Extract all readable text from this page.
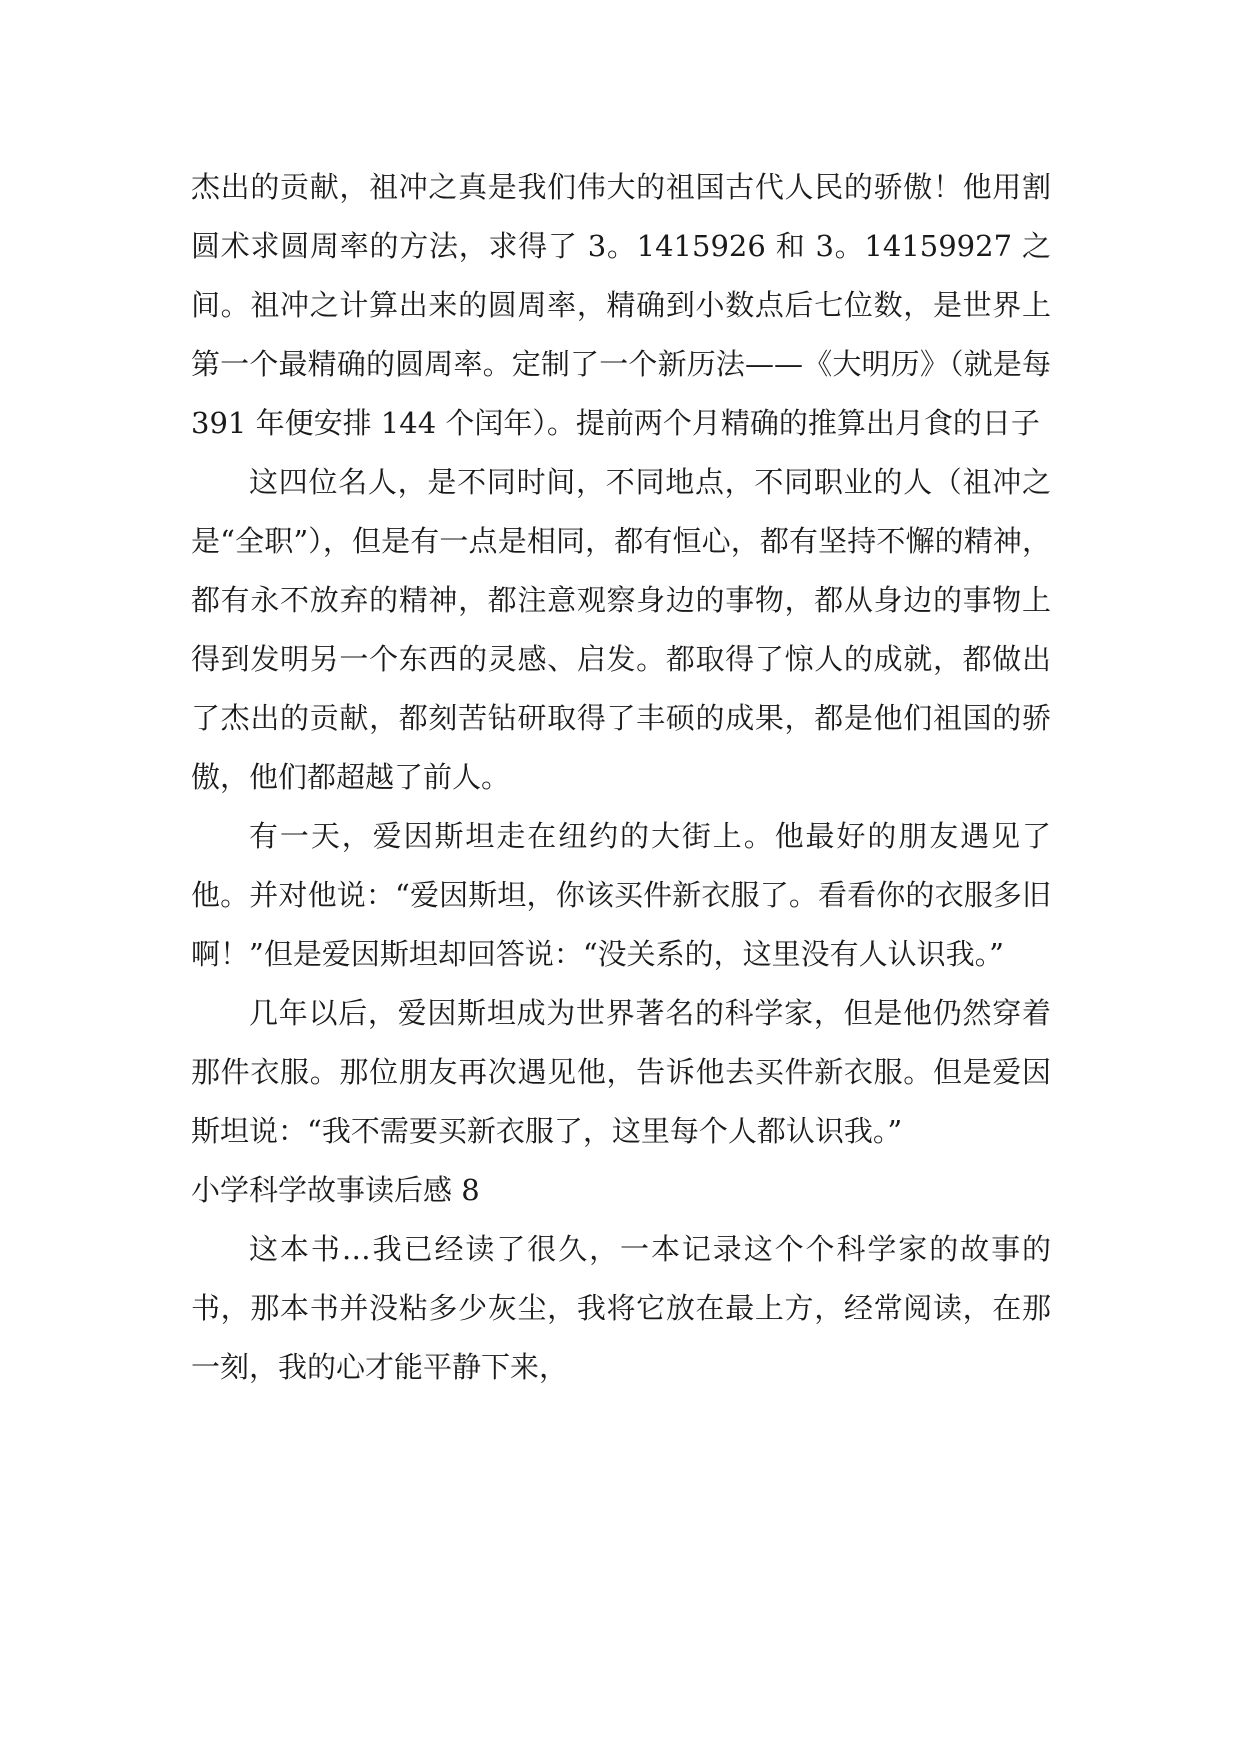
杰出的贡献，祖冲之真是我们伟大的祖国古代人民的骄傲！他用割圆术求圆周率的方法，求得了 3。1415926 和 3。14159927 之间。祖冲之计算出来的圆周率，精确到小数点后七位数，是世界上第一个最精确的圆周率。定制了一个新历法——《大明历》（就是每 391 年便安排 144 个闰年）。提前两个月精确的推算出月食的日子

这四位名人，是不同时间，不同地点，不同职业的人（祖冲之是“全职”），但是有一点是相同，都有恒心，都有坚持不懈的精神，都有永不放弃的精神，都注意观察身边的事物，都从身边的事物上得到发明另一个东西的灵感、启发。都取得了惊人的成就，都做出了杰出的贡献，都刻苦钻研取得了丰硕的成果，都是他们祖国的骄傲，他们都超越了前人。

有一天，爱因斯坦走在纽约的大街上。他最好的朋友遇见了他。并对他说：“爱因斯坦，你该买件新衣服了。看看你的衣服多旧啊！”但是爱因斯坦却回答说：“没关系的，这里没有人认识我。”

几年以后，爱因斯坦成为世界著名的科学家，但是他仍然穿着那件衣服。那位朋友再次遇见他，告诉他去买件新衣服。但是爱因斯坦说：“我不需要买新衣服了，这里每个人都认识我。”

小学科学故事读后感 8

这本书…我已经读了很久，一本记录这个个科学家的故事的书，那本书并没粘多少灰尘，我将它放在最上方，经常阅读，在那一刻，我的心才能平静下来，
